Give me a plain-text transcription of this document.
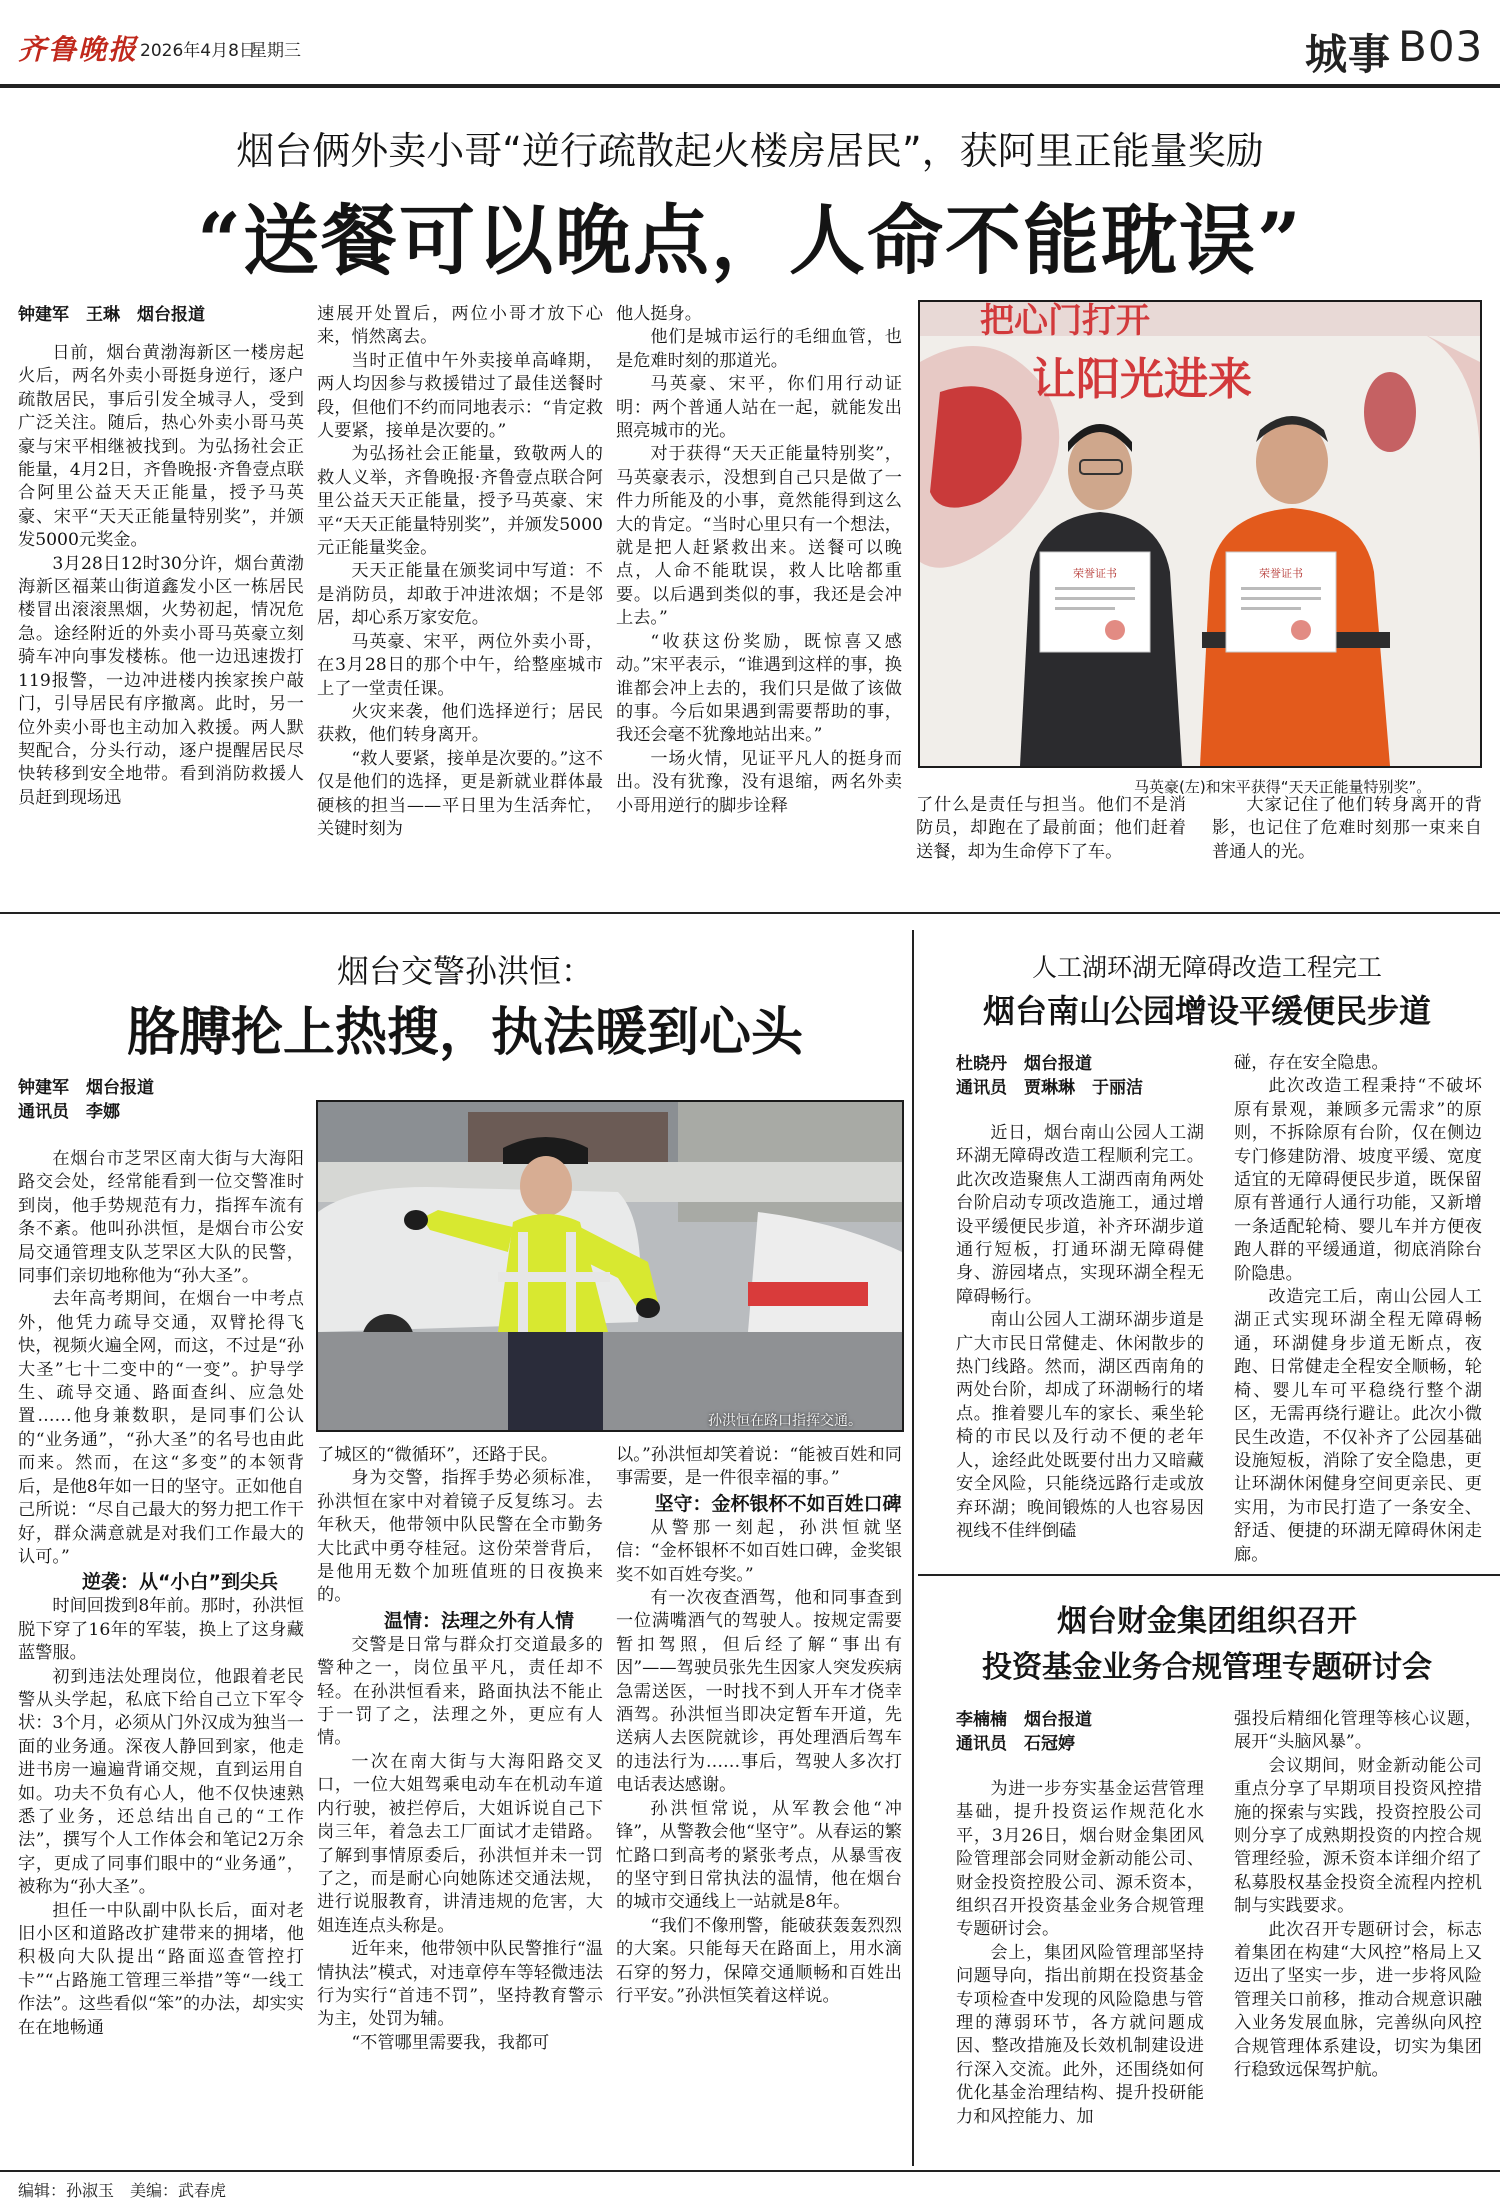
齐鲁晚报 2026年4月8日
星期三	城事 B03
烟台俩外卖小哥“逆行疏散起火楼房居民”，获阿里正能量奖励
“送餐可以晚点，人命不能耽误”
钟建军　王琳　烟台报道

日前，烟台黄渤海新区一楼房起火后，两名外卖小哥挺身逆行，逐户疏散居民，事后引发全城寻人，受到广泛关注。随后，热心外卖小哥马英豪与宋平相继被找到。为弘扬社会正能量，4月2日，齐鲁晚报·齐鲁壹点联合阿里公益天天正能量，授予马英豪、宋平“天天正能量特别奖”，并颁发5000元奖金。

3月28日12时30分许，烟台黄渤海新区福莱山街道鑫发小区一栋居民楼冒出滚滚黑烟，火势初起，情况危急。途经附近的外卖小哥马英豪立刻骑车冲向事发楼栋。他一边迅速拨打119报警，一边冲进楼内挨家挨户敲门，引导居民有序撤离。此时，另一位外卖小哥也主动加入救援。两人默契配合，分头行动，逐户提醒居民尽快转移到安全地带。看到消防救援人员赶到现场迅

速展开处置后，两位小哥才放下心来，悄然离去。

当时正值中午外卖接单高峰期，两人均因参与救援错过了最佳送餐时段，但他们不约而同地表示：“肯定救人要紧，接单是次要的。”

为弘扬社会正能量，致敬两人的救人义举，齐鲁晚报·齐鲁壹点联合阿里公益天天正能量，授予马英豪、宋平“天天正能量特别奖”，并颁发5000元正能量奖金。

天天正能量在颁奖词中写道：不是消防员，却敢于冲进浓烟；不是邻居，却心系万家安危。

马英豪、宋平，两位外卖小哥，在3月28日的那个中午，给整座城市上了一堂责任课。

火灾来袭，他们选择逆行；居民获救，他们转身离开。

“救人要紧，接单是次要的。”这不仅是他们的选择，更是新就业群体最硬核的担当——平日里为生活奔忙，关键时刻为

他人挺身。

他们是城市运行的毛细血管，也是危难时刻的那道光。

马英豪、宋平，你们用行动证明：两个普通人站在一起，就能发出照亮城市的光。

对于获得“天天正能量特别奖”，马英豪表示，没想到自己只是做了一件力所能及的小事，竟然能得到这么大的肯定。“当时心里只有一个想法，就是把人赶紧救出来。送餐可以晚点，人命不能耽误，救人比啥都重要。以后遇到类似的事，我还是会冲上去。”

“收获这份奖励，既惊喜又感动。”宋平表示，“谁遇到这样的事，换谁都会冲上去的，我们只是做了该做的事。今后如果遇到需要帮助的事，我还会毫不犹豫地站出来。”

一场火情，见证平凡人的挺身而出。没有犹豫，没有退缩，两名外卖小哥用逆行的脚步诠释	了什么是责任与担当。他们不是消防员，却跑在了最前面；他们赶着送餐，却为生命停下了车。

大家记住了他们转身离开的背影，也记住了危难时刻那一束来自普通人的光。

把心门打开
让阳光进来
荣誉证书	荣誉证书
马英豪(左)和宋平获得“天天正能量特别奖”。
烟台交警孙洪恒：
胳膊抡上热搜，执法暖到心头
钟建军　烟台报道
通讯员　李娜

在烟台市芝罘区南大街与大海阳路交会处，经常能看到一位交警准时到岗，他手势规范有力，指挥车流有条不紊。他叫孙洪恒，是烟台市公安局交通管理支队芝罘区大队的民警，同事们亲切地称他为“孙大圣”。

去年高考期间，在烟台一中考点外，他凭力疏导交通，双臂抡得飞快，视频火遍全网，而这，不过是“孙大圣”七十二变中的“一变”。护导学生、疏导交通、路面查纠、应急处置……他身兼数职，是同事们公认的“业务通”，“孙大圣”的名号也由此而来。然而，在这“多变”的本领背后，是他8年如一日的坚守。正如他自己所说：“尽自己最大的努力把工作干好，群众满意就是对我们工作最大的认可。”

逆袭：从“小白”到尖兵

时间回拨到8年前。那时，孙洪恒脱下穿了16年的军装，换上了这身藏蓝警服。

初到违法处理岗位，他跟着老民警从头学起，私底下给自己立下军令状：3个月，必须从门外汉成为独当一面的业务通。深夜人静回到家，他走进书房一遍遍背诵交规，直到运用自如。功夫不负有心人，他不仅快速熟悉了业务，还总结出自己的“工作法”，撰写个人工作体会和笔记2万余字，更成了同事们眼中的“业务通”，被称为“孙大圣”。

担任一中队副中队长后，面对老旧小区和道路改扩建带来的拥堵，他积极向大队提出“路面巡查管控打卡”“占路施工管理三举措”等“一线工作法”。这些看似“笨”的办法，却实实在在地畅通

孙洪恒在路口指挥交通。

了城区的“微循环”，还路于民。

身为交警，指挥手势必须标准，孙洪恒在家中对着镜子反复练习。去年秋天，他带领中队民警在全市勤务大比武中勇夺桂冠。这份荣誉背后，是他用无数个加班值班的日夜换来的。

温情：法理之外有人情

交警是日常与群众打交道最多的警种之一，岗位虽平凡，责任却不轻。在孙洪恒看来，路面执法不能止于一罚了之，法理之外，更应有人情。

一次在南大街与大海阳路交叉口，一位大姐驾乘电动车在机动车道内行驶，被拦停后，大姐诉说自己下岗三年，着急去工厂面试才走错路。了解到事情原委后，孙洪恒并未一罚了之，而是耐心向她陈述交通法规，进行说服教育，讲清违规的危害，大姐连连点头称是。

近年来，他带领中队民警推行“温情执法”模式，对违章停车等轻微违法行为实行“首违不罚”，坚持教育警示为主，处罚为辅。

“不管哪里需要我，我都可

以。”孙洪恒却笑着说：“能被百姓和同事需要，是一件很幸福的事。”

坚守：金杯银杯不如百姓口碑

从警那一刻起，孙洪恒就坚信：“金杯银杯不如百姓口碑，金奖银奖不如百姓夸奖。”

有一次夜查酒驾，他和同事查到一位满嘴酒气的驾驶人。按规定需要暂扣驾照，但后经了解“事出有因”——驾驶员张先生因家人突发疾病急需送医，一时找不到人开车才侥幸酒驾。孙洪恒当即决定暂车开道，先送病人去医院就诊，再处理酒后驾车的违法行为……事后，驾驶人多次打电话表达感谢。

孙洪恒常说，从军教会他“冲锋”，从警教会他“坚守”。从春运的繁忙路口到高考的紧张考点，从暴雪夜的坚守到日常执法的温情，他在烟台的城市交通线上一站就是8年。

“我们不像刑警，能破获轰轰烈烈的大案。只能每天在路面上，用水滴石穿的努力，保障交通顺畅和百姓出行平安。”孙洪恒笑着这样说。

人工湖环湖无障碍改造工程完工
烟台南山公园增设平缓便民步道
杜晓丹　烟台报道
通讯员　贾琳琳　于丽洁

近日，烟台南山公园人工湖环湖无障碍改造工程顺利完工。此次改造聚焦人工湖西南角两处台阶启动专项改造施工，通过增设平缓便民步道，补齐环湖步道通行短板，打通环湖无障碍健身、游园堵点，实现环湖全程无障碍畅行。

南山公园人工湖环湖步道是广大市民日常健走、休闲散步的热门线路。然而，湖区西南角的两处台阶，却成了环湖畅行的堵点。推着婴儿车的家长、乘坐轮椅的市民以及行动不便的老年人，途经此处既要付出力又暗藏安全风险，只能绕远路行走或放弃环湖；晚间锻炼的人也容易因视线不佳绊倒磕

碰，存在安全隐患。

此次改造工程秉持“不破坏原有景观，兼顾多元需求”的原则，不拆除原有台阶，仅在侧边专门修建防滑、坡度平缓、宽度适宜的无障碍便民步道，既保留原有普通行人通行功能，又新增一条适配轮椅、婴儿车并方便夜跑人群的平缓通道，彻底消除台阶隐患。

改造完工后，南山公园人工湖正式实现环湖全程无障碍畅通，环湖健身步道无断点，夜跑、日常健走全程安全顺畅，轮椅、婴儿车可平稳绕行整个湖区，无需再绕行避让。此次小微民生改造，不仅补齐了公园基础设施短板，消除了安全隐患，更让环湖休闲健身空间更亲民、更实用，为市民打造了一条安全、舒适、便捷的环湖无障碍休闲走廊。

烟台财金集团组织召开
投资基金业务合规管理专题研讨会
李楠楠　烟台报道
通讯员　石冠婷

为进一步夯实基金运营管理基础，提升投资运作规范化水平，3月26日，烟台财金集团风险管理部会同财金新动能公司、财金投资控股公司、源禾资本，组织召开投资基金业务合规管理专题研讨会。

会上，集团风险管理部坚持问题导向，指出前期在投资基金专项检查中发现的风险隐患与管理的薄弱环节，各方就问题成因、整改措施及长效机制建设进行深入交流。此外，还围绕如何优化基金治理结构、提升投研能力和风控能力、加

强投后精细化管理等核心议题，展开“头脑风暴”。

会议期间，财金新动能公司重点分享了早期项目投资风控措施的探索与实践，投资控股公司则分享了成熟期投资的内控合规管理经验，源禾资本详细介绍了私募股权基金投资全流程内控机制与实践要求。

此次召开专题研讨会，标志着集团在构建“大风控”格局上又迈出了坚实一步，进一步将风险管理关口前移，推动合规意识融入业务发展血脉，完善纵向风控合规管理体系建设，切实为集团行稳致远保驾护航。

编辑：孙淑玉　美编：武春虎
